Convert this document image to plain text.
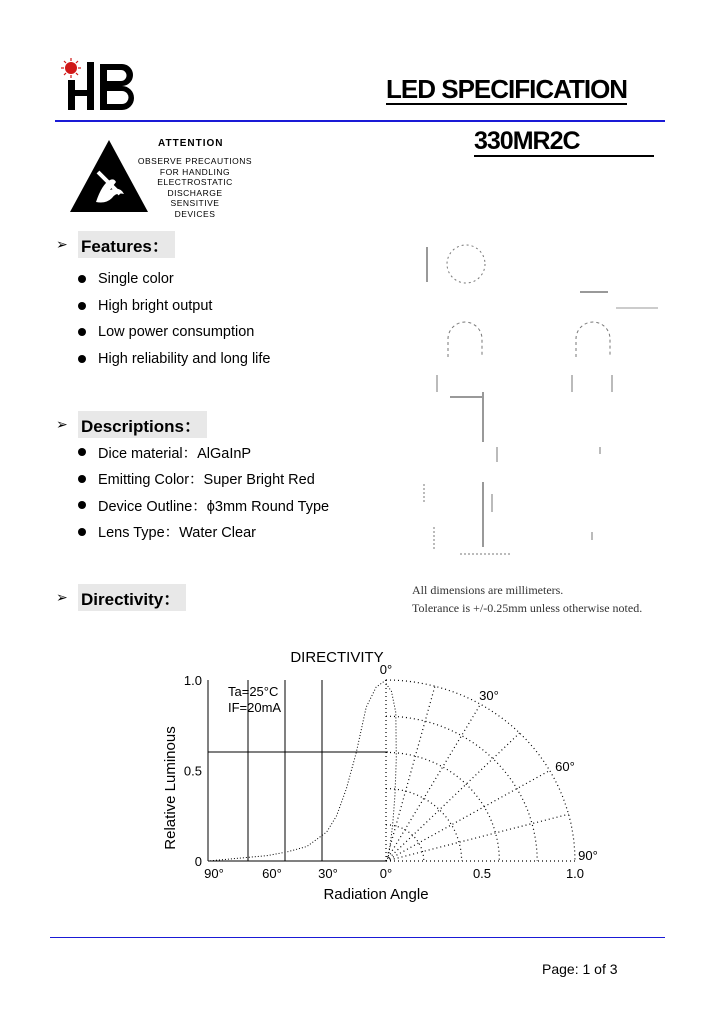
LED SPECIFICATION
330MR2C
ATTENTION
OBSERVE PRECAUTIONS
FOR HANDLING
ELECTROSTATIC
DISCHARGE
SENSITIVE
DEVICES
➢ Features：
Single color
High bright output
Low power consumption
High reliability and long life
➢ Descriptions：
Dice material：AlGaInP
Emitting Color：Super Bright Red
Device Outline：ϕ3mm Round Type
Lens Type：Water Clear
➢ Directivity：	All dimensions are millimeters.
Tolerance is +/-0.25mm unless otherwise noted.
DIRECTIVITY
Relative Luminous
Radiation Angle
Ta=25°C
IF=20mA
1.0
0.5
0
90°	60°	30°	0°	0.5	1.0
0°
30°
60°
90°
Page: 1 of 3
